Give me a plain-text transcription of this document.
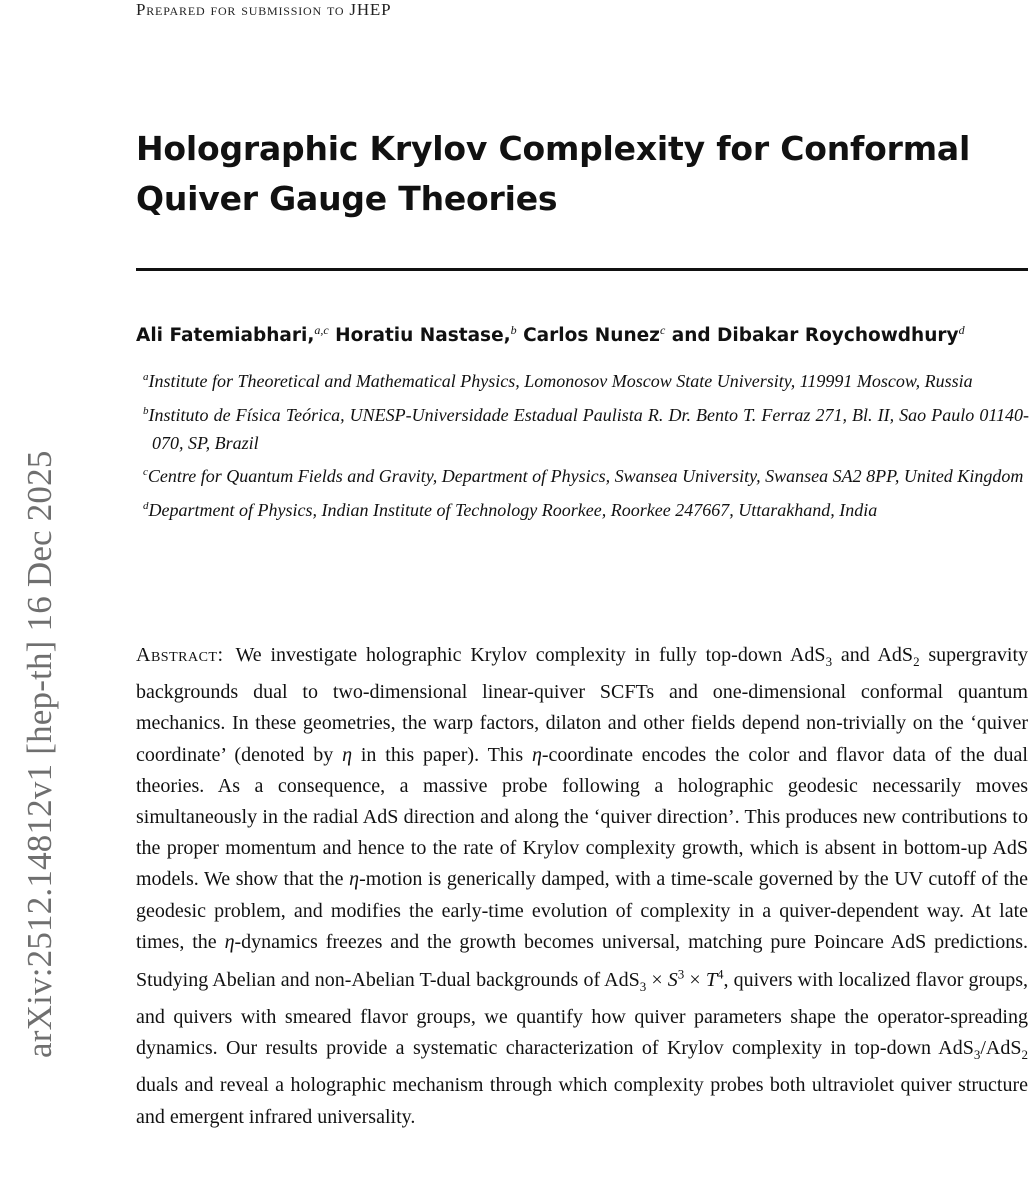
Prepared for submission to JHEP
arXiv:2512.14812v1 [hep-th] 16 Dec 2025
Holographic Krylov Complexity for Conformal Quiver Gauge Theories
Ali Fatemiabhari,$^{a,c}$ Horatiu Nastase,$^b$ Carlos Nunez$^c$ and Dibakar Roychowdhury$^d$
$^a$Institute for Theoretical and Mathematical Physics, Lomonosov Moscow State University, 119991 Moscow, Russia
$^b$Instituto de Física Teórica, UNESP-Universidade Estadual Paulista R. Dr. Bento T. Ferraz 271, Bl. II, Sao Paulo 01140-070, SP, Brazil
$^c$Centre for Quantum Fields and Gravity, Department of Physics, Swansea University, Swansea SA2 8PP, United Kingdom
$^d$Department of Physics, Indian Institute of Technology Roorkee, Roorkee 247667, Uttarakhand, India
Abstract: We investigate holographic Krylov complexity in fully top-down AdS$_3$ and AdS$_2$ supergravity backgrounds dual to two-dimensional linear-quiver SCFTs and one-dimensional conformal quantum mechanics. In these geometries, the warp factors, dilaton and other fields depend non-trivially on the ‘quiver coordinate’ (denoted by η in this paper). This η-coordinate encodes the color and flavor data of the dual theories. As a consequence, a massive probe following a holographic geodesic necessarily moves simultaneously in the radial AdS direction and along the ‘quiver direction’. This produces new contributions to the proper momentum and hence to the rate of Krylov complexity growth, which is absent in bottom-up AdS models. We show that the η-motion is generically damped, with a time-scale governed by the UV cutoff of the geodesic problem, and modifies the early-time evolution of complexity in a quiver-dependent way. At late times, the η-dynamics freezes and the growth becomes universal, matching pure Poincare AdS predictions. Studying Abelian and non-Abelian T-dual backgrounds of $AdS_3 \times S^3 \times T^4$, quivers with localized flavor groups, and quivers with smeared flavor groups, we quantify how quiver parameters shape the operator-spreading dynamics. Our results provide a systematic characterization of Krylov complexity in top-down AdS$_3$/AdS$_2$ duals and reveal a holographic mechanism through which complexity probes both ultraviolet quiver structure and emergent infrared universality.
